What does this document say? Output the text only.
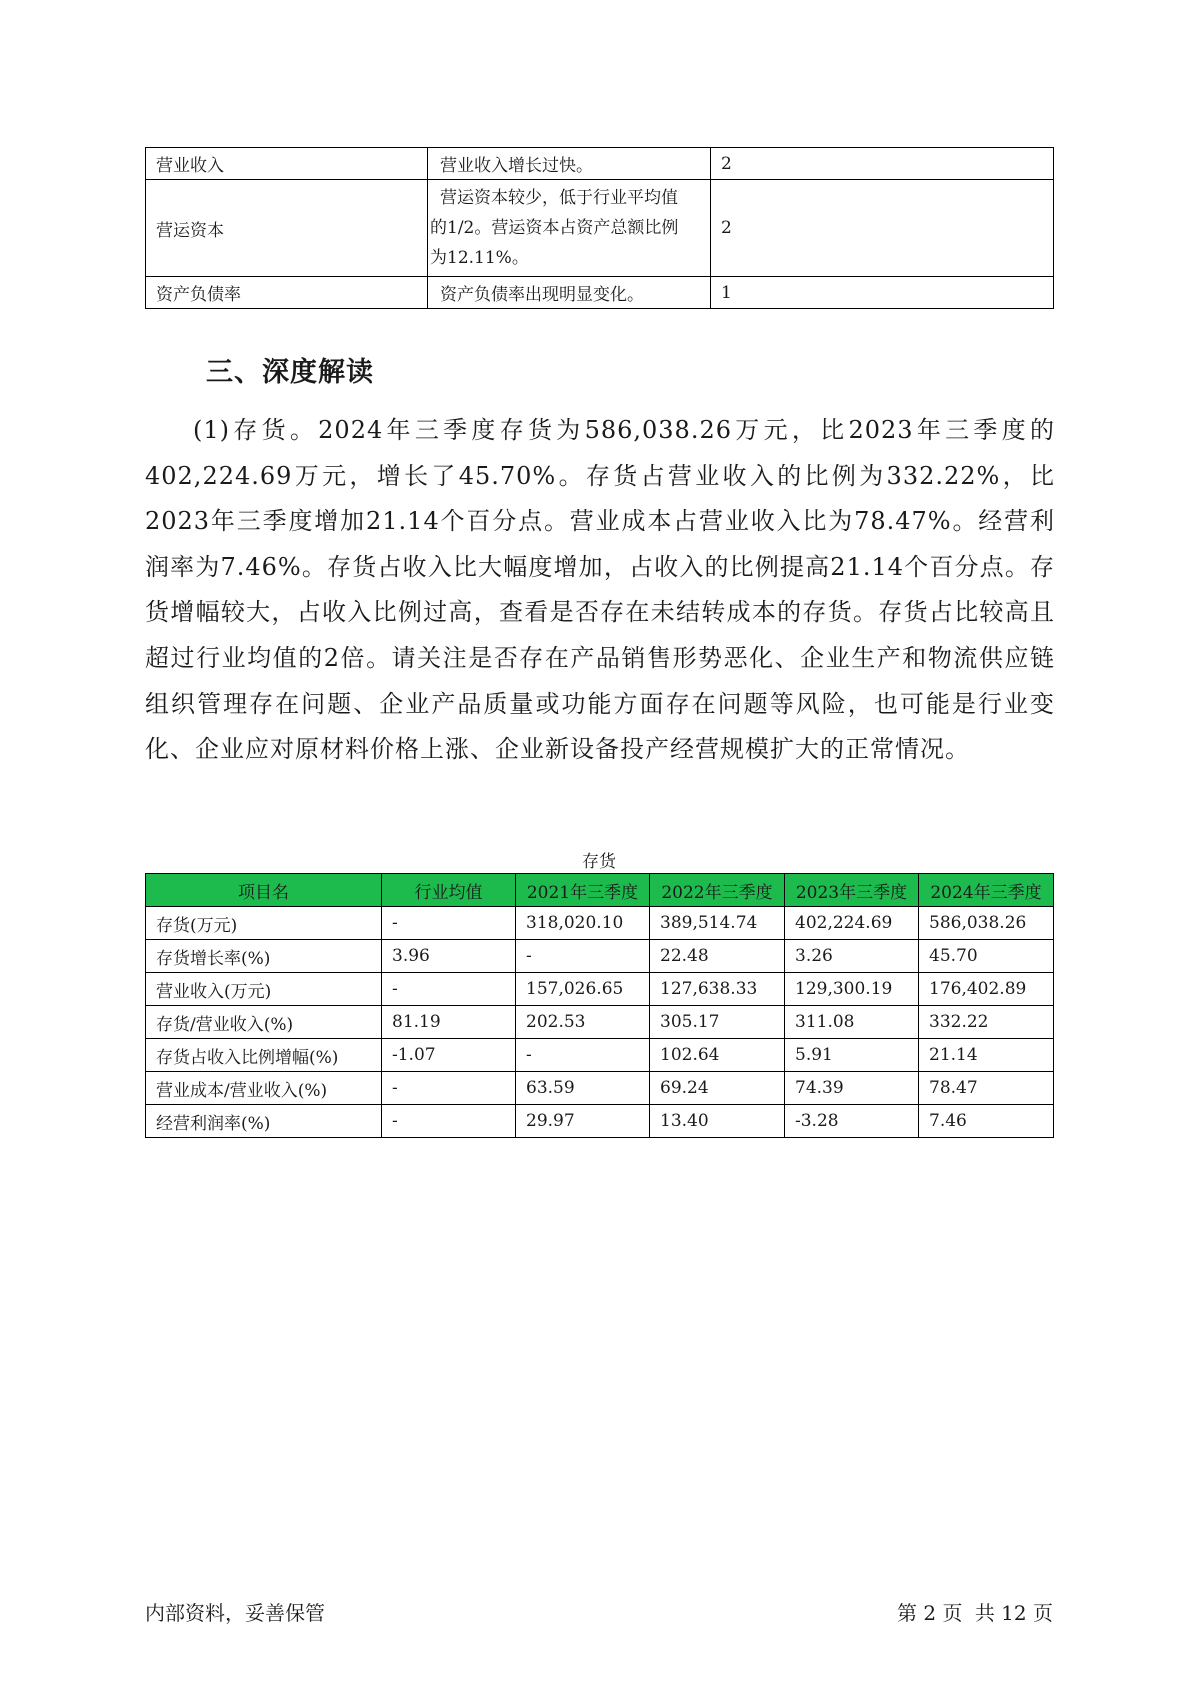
营业收入	营业收入增长过快。	2
营运资本	营运资本较少，低于行业平均值
的1/2。营运资本占资产总额比例
为12.11%。	2
资产负债率	资产负债率出现明显变化。	1
三、深度解读

(1)存货。2024年三季度存货为586,038.26万元，比2023年三季度的402,224.69万元，增长了45.70%。存货占营业收入的比例为332.22%，比2023年三季度增加21.14个百分点。营业成本占营业收入比为78.47%。经营利润率为7.46%。存货占收入比大幅度增加，占收入的比例提高21.14个百分点。存货增幅较大，占收入比例过高，查看是否存在未结转成本的存货。存货占比较高且超过行业均值的2倍。请关注是否存在产品销售形势恶化、企业生产和物流供应链组织管理存在问题、企业产品质量或功能方面存在问题等风险，也可能是行业变化、企业应对原材料价格上涨、企业新设备投产经营规模扩大的正常情况。

存货
项目名	行业均值	2021年三季度	2022年三季度	2023年三季度	2024年三季度
存货(万元)	-	318,020.10	389,514.74	402,224.69	586,038.26
存货增长率(%)	3.96	-	22.48	3.26	45.70
营业收入(万元)	-	157,026.65	127,638.33	129,300.19	176,402.89
存货/营业收入(%)	81.19	202.53	305.17	311.08	332.22
存货占收入比例增幅(%)	-1.07	-	102.64	5.91	21.14
营业成本/营业收入(%)	-	63.59	69.24	74.39	78.47
经营利润率(%)	-	29.97	13.40	-3.28	7.46
内部资料，妥善保管	第 2 页 共 12 页
